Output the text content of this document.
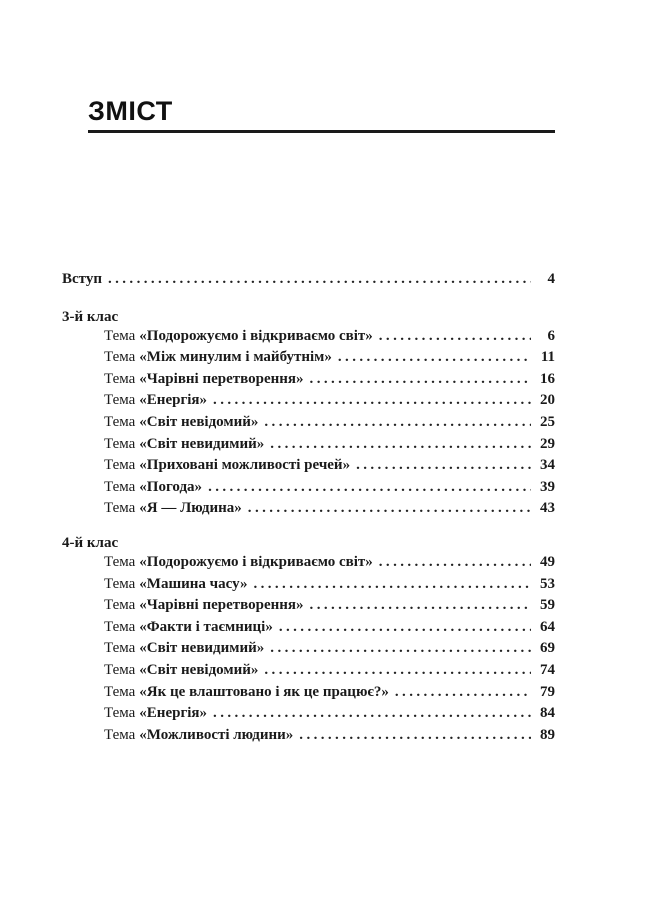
ЗМІСТ
Вступ .....	4
3-й клас
Тема «Подорожуємо і відкриваємо світ» .....	6
Тема «Між минулим і майбутнім» .....	11
Тема «Чарівні перетворення» .....	16
Тема «Енергія» .....	20
Тема «Світ невідомий» .....	25
Тема «Світ невидимий» .....	29
Тема «Приховані можливості речей» .....	34
Тема «Погода» .....	39
Тема «Я — Людина» .....	43
4-й клас
Тема «Подорожуємо і відкриваємо світ» .....	49
Тема «Машина часу» .....	53
Тема «Чарівні перетворення» .....	59
Тема «Факти і таємниці» .....	64
Тема «Світ невидимий» .....	69
Тема «Світ невідомий» .....	74
Тема «Як це влаштовано і як це працює?» .....	79
Тема «Енергія» .....	84
Тема «Можливості людини» .....	89
